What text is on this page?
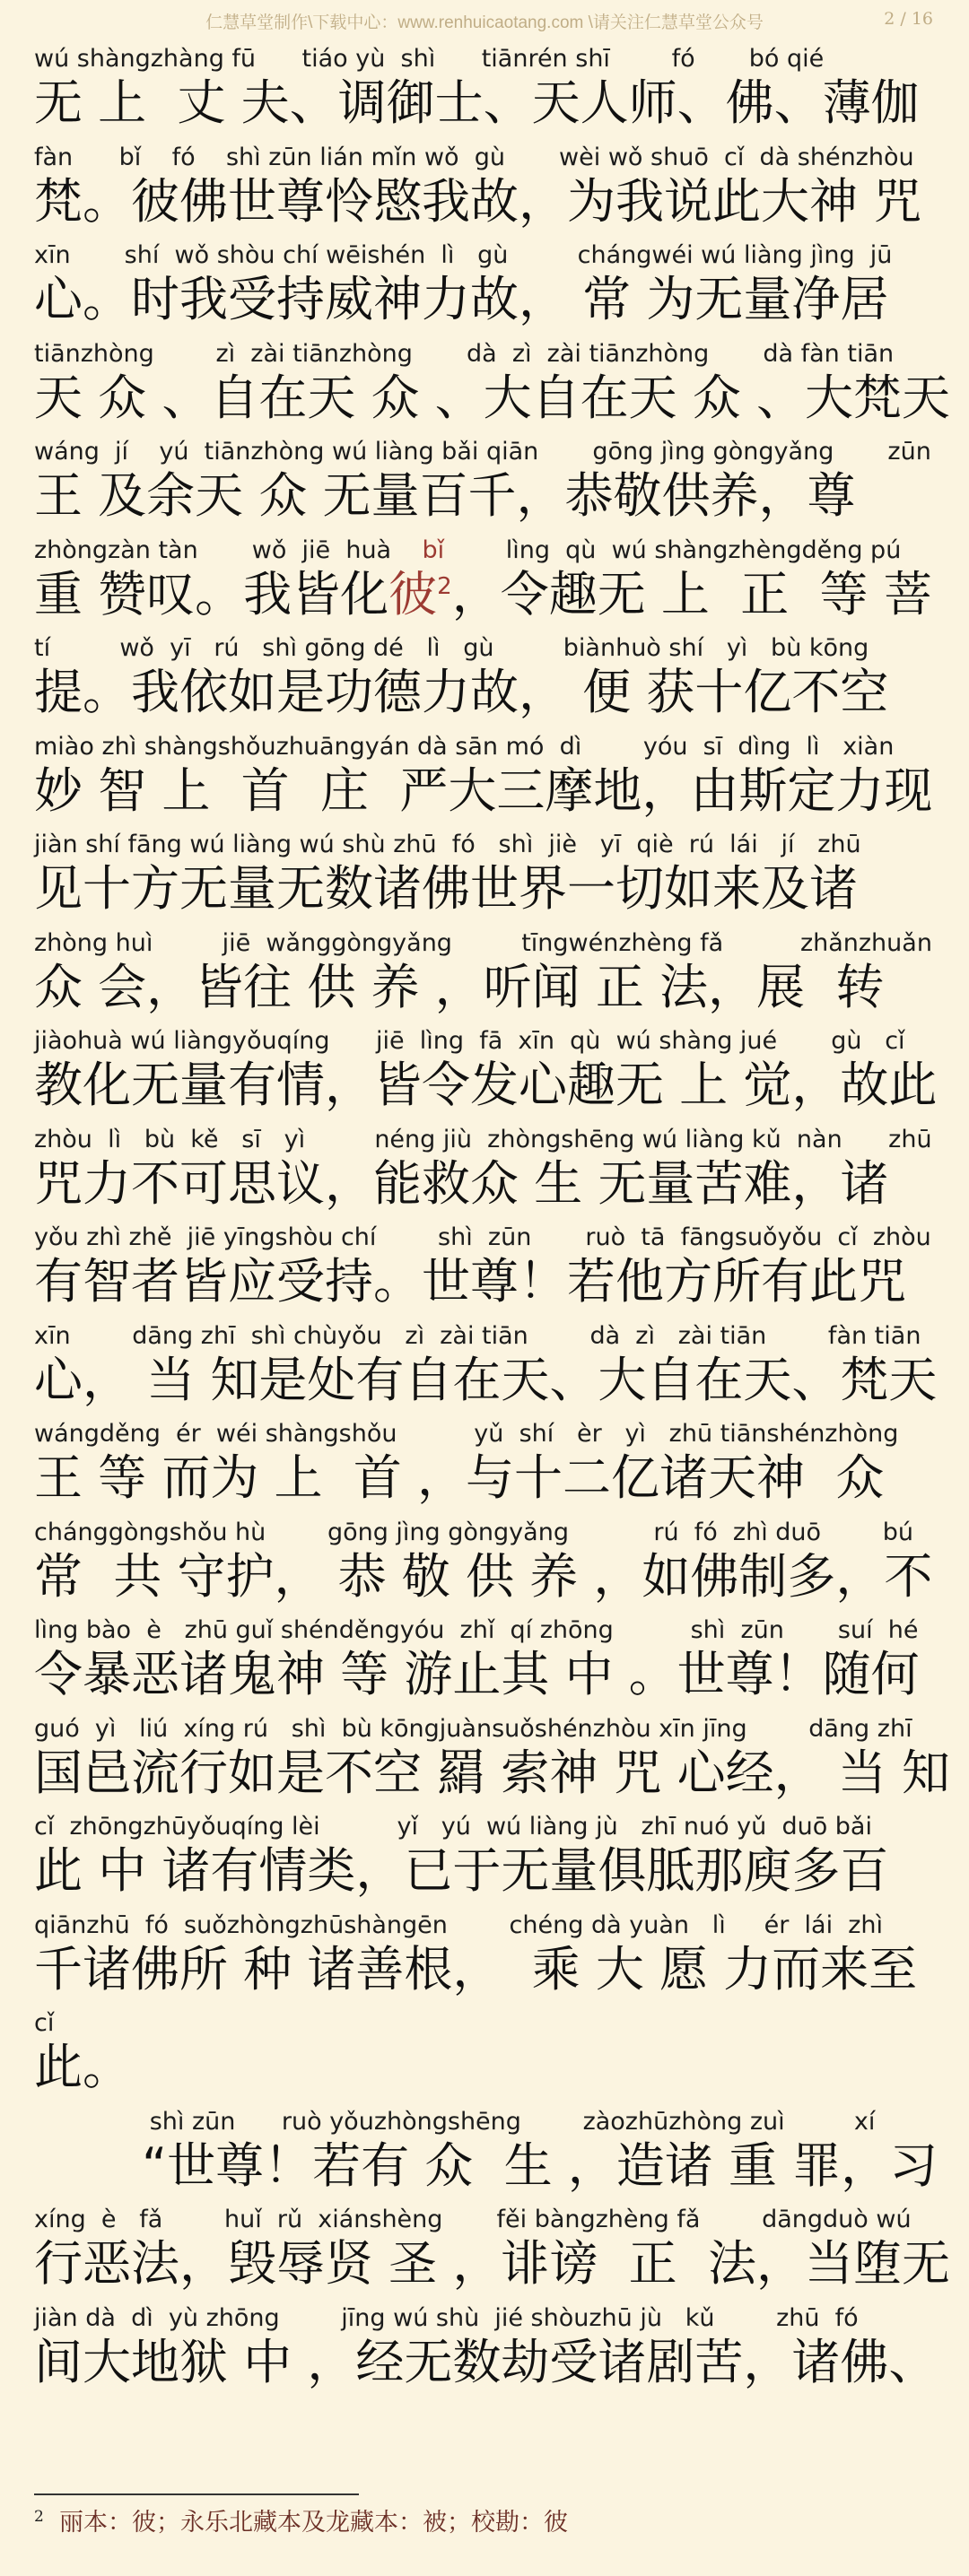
仁慧草堂制作\下载中心：www.renhuicaotang.com \请关注仁慧草堂公众号	2 / 16
wú shàngzhàng fū      tiáo yù  shì      tiānrén shī        fó       bó qié
无 上  丈 夫、调御士、天人师、佛、薄伽
fàn      bǐ    fó    shì zūn lián mǐn wǒ  gù       wèi wǒ shuō  cǐ  dà shénzhòu
梵。彼佛世尊怜愍我故，为我说此大神 咒
xīn       shí  wǒ shòu chí wēishén  lì   gù         chángwéi wú liàng jìng  jū
心。时我受持威神力故， 常 为无量净居
tiānzhòng        zì  zài tiānzhòng       dà  zì  zài tiānzhòng       dà fàn tiān
天 众 、自在天 众 、大自在天 众 、大梵天
wáng  jí    yú  tiānzhòng wú liàng bǎi qiān       gōng jìng gòngyǎng       zūn
王 及余天 众 无量百千，恭敬供养，尊
zhòngzàn tàn       wǒ  jiē  huà    bǐ        lìng  qù  wú shàngzhèngděng pú
重 赞叹。我皆化彼$^2$，令趣无 上  正  等 菩
tí         wǒ  yī   rú   shì gōng dé   lì   gù         biànhuò shí   yì   bù kōng
提。我依如是功德力故， 便 获十亿不空
miào zhì shàngshǒuzhuāngyán dà sān mó  dì        yóu  sī  dìng  lì   xiàn
妙 智 上  首  庄  严大三摩地，由斯定力现
jiàn shí fāng wú liàng wú shù zhū  fó   shì  jiè   yī  qiè  rú  lái   jí   zhū
见十方无量无数诸佛世界一切如来及诸
zhòng huì         jiē  wǎnggòngyǎng         tīngwénzhèng fǎ          zhǎnzhuǎn
众 会，皆往 供 养 ，听闻 正 法，展  转
jiàohuà wú liàngyǒuqíng      jiē  lìng  fā  xīn  qù  wú shàng jué       gù   cǐ
教化无量有情，皆令发心趣无 上 觉，故此
zhòu  lì   bù  kě   sī   yì         néng jiù  zhòngshēng wú liàng kǔ  nàn      zhū
咒力不可思议，能救众 生 无量苦难，诸
yǒu zhì zhě  jiē yīngshòu chí        shì  zūn       ruò  tā  fāngsuǒyǒu  cǐ  zhòu
有智者皆应受持。世尊！若他方所有此咒
xīn        dāng zhī  shì chùyǒu   zì  zài tiān        dà  zì   zài tiān        fàn tiān
心， 当 知是处有自在天、大自在天、梵天
wángděng  ér  wéi shàngshǒu          yǔ  shí   èr   yì   zhū tiānshénzhòng
王 等 而为 上  首 ，与十二亿诸天神  众
chánggòngshǒu hù        gōng jìng gòngyǎng           rú  fó  zhì duō        bú
常  共 守护， 恭 敬 供 养 ，如佛制多，不
lìng bào  è   zhū guǐ shénděngyóu  zhǐ  qí zhōng          shì  zūn       suí  hé
令暴恶诸鬼神 等 游止其 中 。世尊！随何
guó  yì   liú  xíng rú   shì  bù kōngjuànsuǒshénzhòu xīn jīng        dāng zhī
国邑流行如是不空 羂 索神 咒 心经， 当 知
cǐ  zhōngzhūyǒuqíng lèi          yǐ   yú  wú liàng jù   zhī nuó yǔ  duō bǎi
此 中 诸有情类，已于无量俱胝那庾多百
qiānzhū  fó  suǒzhòngzhūshàngēn        chéng dà yuàn   lì     ér  lái  zhì
千诸佛所 种 诸善根，  乘 大 愿 力而来至
cǐ
此。
shì zūn      ruò yǒuzhòngshēng        zàozhūzhòng zuì         xí
“世尊！若有 众  生 ，造诸 重 罪，习
xíng  è   fǎ        huǐ  rǔ  xiánshèng       fěi bàngzhèng fǎ        dāngduò wú
行恶法，毁辱贤 圣 ，诽谤  正  法，当堕无
jiàn dà  dì  yù zhōng        jīng wú shù  jié shòuzhū jù   kǔ        zhū  fó
间大地狱 中 ，经无数劫受诸剧苦，诸佛、
$^2$ 丽本：彼；永乐北藏本及龙藏本：被；校勘：彼
